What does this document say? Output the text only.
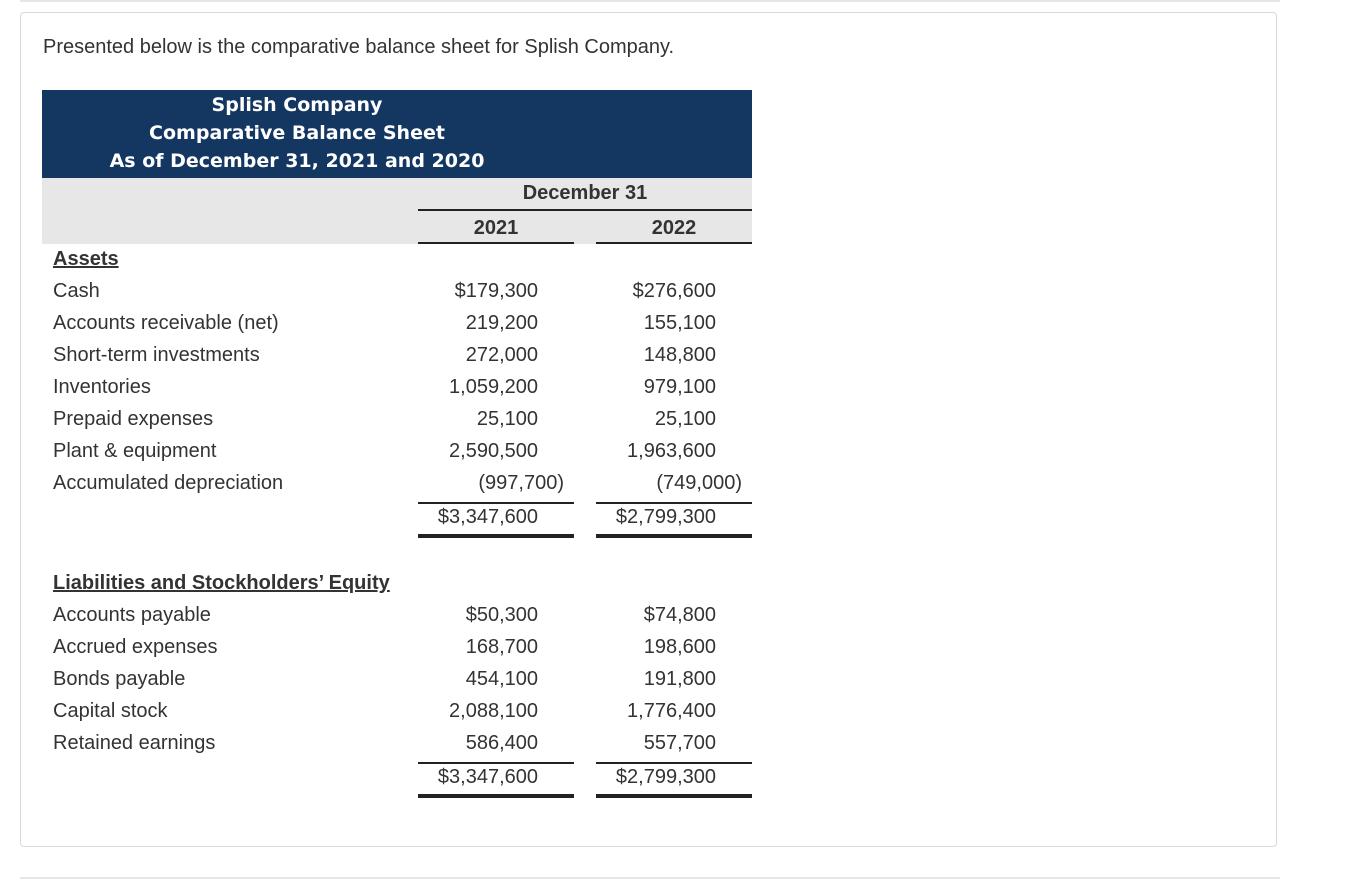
Presented below is the comparative balance sheet for Splish Company.
Splish Company
Comparative Balance Sheet
As of December 31, 2021 and 2020
December 31
2021	2022
Assets
Cash	$179,300	$276,600
Accounts receivable (net)	219,200	155,100
Short-term investments	272,000	148,800
Inventories	1,059,200	979,100
Prepaid expenses	25,100	25,100
Plant & equipment	2,590,500	1,963,600
Accumulated depreciation	(997,700)	(749,000)
$3,347,600	$2,799,300
Liabilities and Stockholders’ Equity
Accounts payable	$50,300	$74,800
Accrued expenses	168,700	198,600
Bonds payable	454,100	191,800
Capital stock	2,088,100	1,776,400
Retained earnings	586,400	557,700
$3,347,600	$2,799,300
